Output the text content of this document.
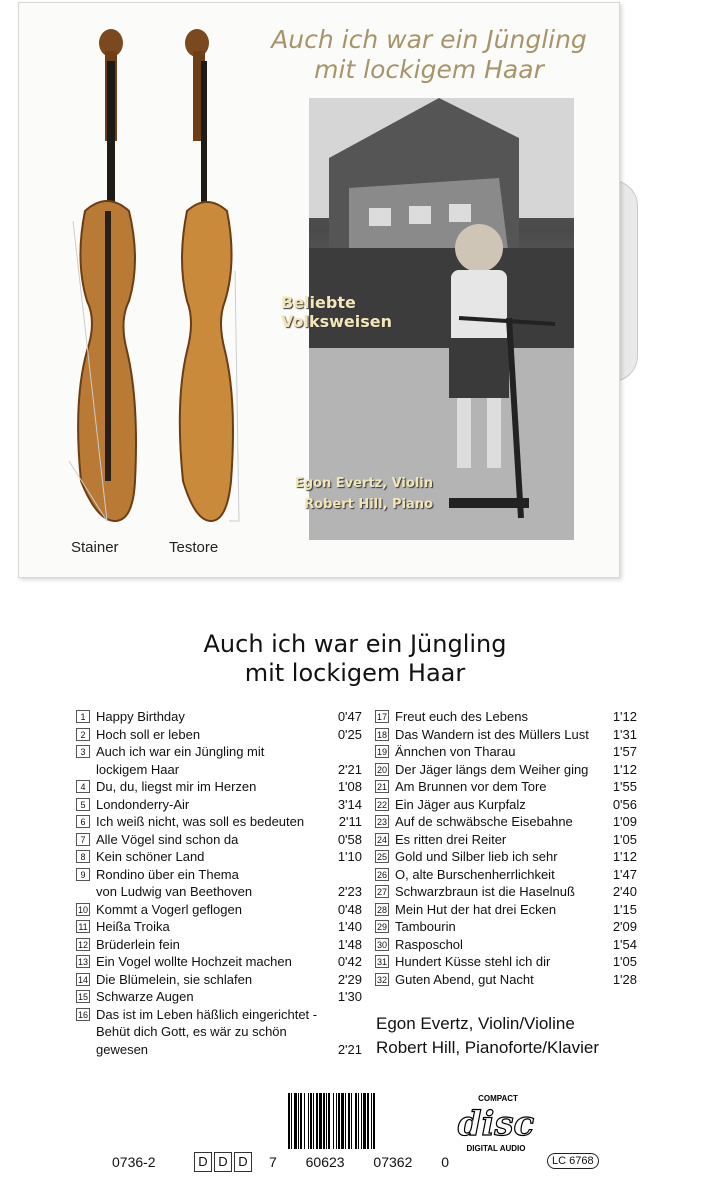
Auch ich war ein Jüngling
mit lockigem Haar
Stainer	Testore
Beliebte
Volksweisen
Egon Evertz, Violin
Robert Hill, Piano
Auch ich war ein Jüngling
mit lockigem Haar
1 Happy Birthday	0'47
2 Hoch soll er leben	0'25
3 Auch ich war ein Jüngling mit
lockigem Haar	2'21
4 Du, du, liegst mir im Herzen	1'08
5 Londonderry-Air	3'14
6 Ich weiß nicht, was soll es bedeuten	2'11
7 Alle Vögel sind schon da	0'58
8 Kein schöner Land	1'10
9 Rondino über ein Thema
von Ludwig van Beethoven	2'23
10 Kommt a Vogerl geflogen	0'48
11 Heißa Troika	1'40
12 Brüderlein fein	1'48
13 Ein Vogel wollte Hochzeit machen	0'42
14 Die Blümelein, sie schlafen	2'29
15 Schwarze Augen	1'30
16 Das ist im Leben häßlich eingerichtet -
Behüt dich Gott, es wär zu schön
gewesen	2'21
17 Freut euch des Lebens	1'12
18 Das Wandern ist des Müllers Lust	1'31
19 Ännchen von Tharau	1'57
20 Der Jäger längs dem Weiher ging	1'12
21 Am Brunnen vor dem Tore	1'55
22 Ein Jäger aus Kurpfalz	0'56
23 Auf de schwäbsche Eisebahne	1'09
24 Es ritten drei Reiter	1'05
25 Gold und Silber lieb ich sehr	1'12
26 O, alte Burschenherrlichkeit	1'47
27 Schwarzbraun ist die Haselnuß	2'40
28 Mein Hut der hat drei Ecken	1'15
29 Tambourin	2'09
30 Rasposchol	1'54
31 Hundert Küsse stehl ich dir	1'05
32 Guten Abend, gut Nacht	1'28
Egon Evertz, Violin/Violine
Robert Hill, Pianoforte/Klavier
0736-2	D D D	7 60623 07362 0
COMPACT
disc
DIGITAL AUDIO
LC 6768
